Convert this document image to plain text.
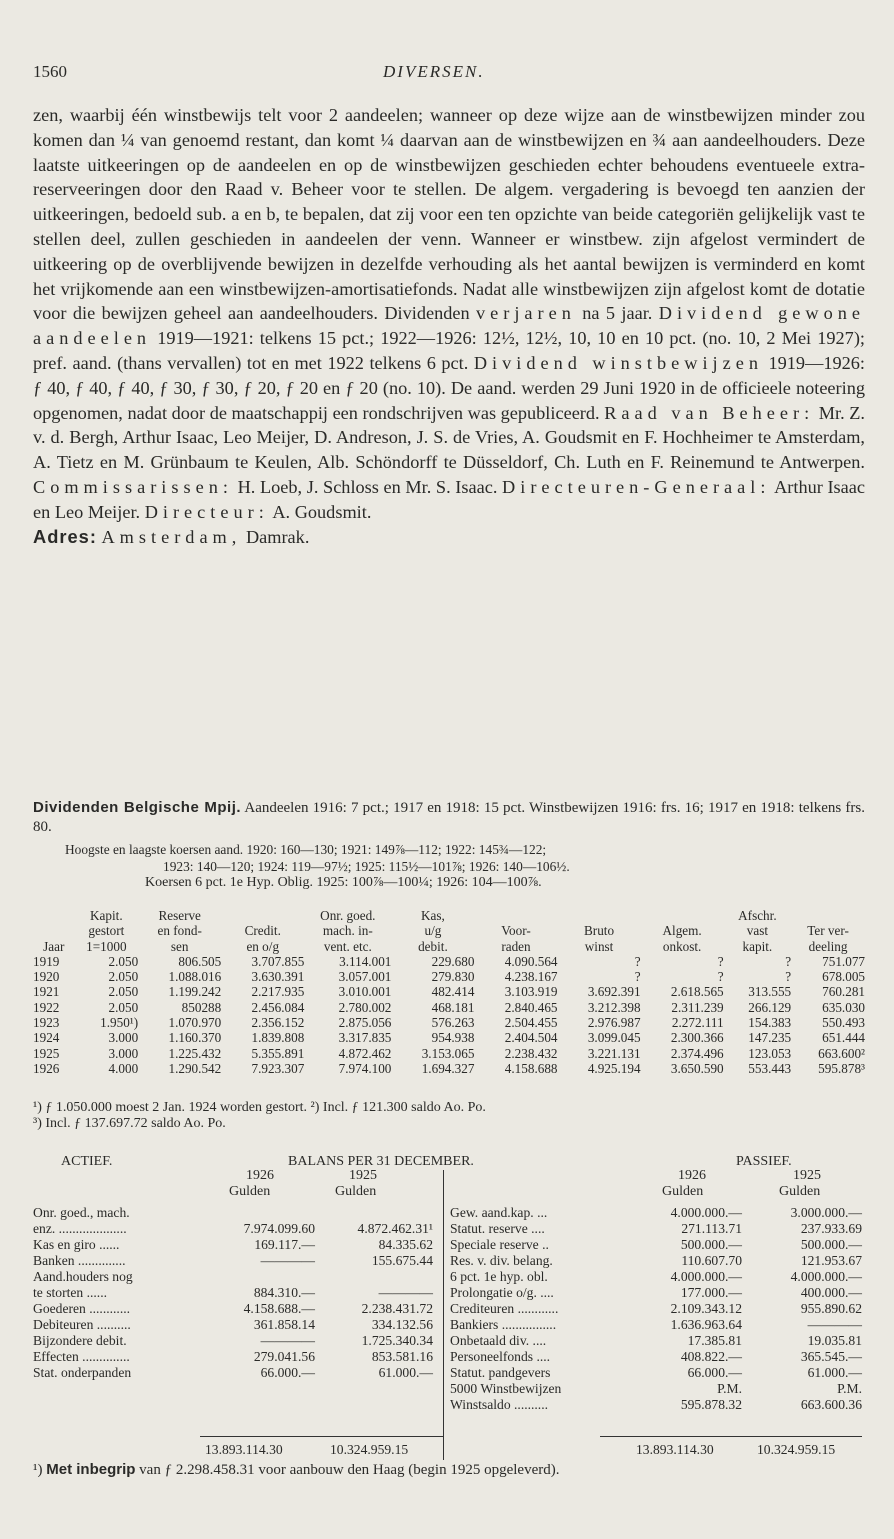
1560	DIVERSEN.
zen, waarbij één winstbewijs telt voor 2 aandeelen; wanneer op deze wijze aan de winstbewijzen minder zou komen dan ¼ van genoemd restant, dan komt ¼ daarvan aan de winstbewijzen en ¾ aan aandeelhouders. Deze laatste uitkeeringen op de aandeelen en op de winstbewijzen geschieden echter behoudens eventueele extra-reserveeringen door den Raad v. Beheer voor te stellen. De algem. vergadering is bevoegd ten aanzien der uitkeeringen, bedoeld sub. a en b, te bepalen, dat zij voor een ten opzichte van beide categoriën gelijkelijk vast te stellen deel, zullen geschieden in aandeelen der venn. Wanneer er winstbew. zijn afgelost vermindert de uitkeering op de overblijvende bewijzen in dezelfde verhouding als het aantal bewijzen is verminderd en komt het vrijkomende aan een winstbewijzen-amortisatiefonds. Nadat alle winstbewijzen zijn afgelost komt de dotatie voor die bewijzen geheel aan aandeelhouders. Dividenden verjaren na 5 jaar. Dividend gewone aandeelen 1919—1921: telkens 15 pct.; 1922—1926: 12½, 12½, 10, 10 en 10 pct. (no. 10, 2 Mei 1927); pref. aand. (thans vervallen) tot en met 1922 telkens 6 pct. Dividend winstbewijzen 1919—1926: ƒ 40, ƒ 40, ƒ 40, ƒ 30, ƒ 30, ƒ 20, ƒ 20 en ƒ 20 (no. 10). De aand. werden 29 Juni 1920 in de officieele noteering opgenomen, nadat door de maatschappij een rondschrijven was gepubliceerd. Raad van Beheer: Mr. Z. v. d. Bergh, Arthur Isaac, Leo Meijer, D. Andreson, J. S. de Vries, A. Goudsmit en F. Hochheimer te Amsterdam, A. Tietz en M. Grünbaum te Keulen, Alb. Schöndorff te Düsseldorf, Ch. Luth en F. Reinemund te Antwerpen. Commissarissen: H. Loeb, J. Schloss en Mr. S. Isaac. Directeuren-Generaal: Arthur Isaac en Leo Meijer. Directeur: A. Goudsmit.
Adres: Amsterdam, Damrak.
Dividenden Belgische Mpij. Aandeelen 1916: 7 pct.; 1917 en 1918: 15 pct. Winstbewijzen 1916: frs. 16; 1917 en 1918: telkens frs. 80.
Hoogste en laagste koersen aand. 1920: 160—130; 1921: 149⅞—112; 1922: 145¾—122;
1923: 140—120; 1924: 119—97½; 1925: 115½—101⅞; 1926: 140—106½.
Koersen 6 pct. 1e Hyp. Oblig. 1925: 100⅞—100¼; 1926: 104—100⅞.
	Kapit.	Reserve		Onr. goed.	Kas,				Afschr.	
	gestort	en fond-	Credit.	mach. in-	u/g	Voor-	Bruto	Algem.	vast	Ter ver-
Jaar	1=1000	sen	en o/g	vent. etc.	debit.	raden	winst	onkost.	kapit.	deeling
1919	2.050	806.505	3.707.855	3.114.001	229.680	4.090.564	?	?	?	751.077
1920	2.050	1.088.016	3.630.391	3.057.001	279.830	4.238.167	?	?	?	678.005
1921	2.050	1.199.242	2.217.935	3.010.001	482.414	3.103.919	3.692.391	2.618.565	313.555	760.281
1922	2.050	850288	2.456.084	2.780.002	468.181	2.840.465	3.212.398	2.311.239	266.129	635.030
1923	1.950¹)	1.070.970	2.356.152	2.875.056	576.263	2.504.455	2.976.987	2.272.111	154.383	550.493
1924	3.000	1.160.370	1.839.808	3.317.835	954.938	2.404.504	3.099.045	2.300.366	147.235	651.444
1925	3.000	1.225.432	5.355.891	4.872.462	3.153.065	2.238.432	3.221.131	2.374.496	123.053	663.600²
1926	4.000	1.290.542	7.923.307	7.974.100	1.694.327	4.158.688	4.925.194	3.650.590	553.443	595.878³
¹) ƒ 1.050.000 moest 2 Jan. 1924 worden gestort. ²) Incl. ƒ 121.300 saldo Ao. Po.
³) Incl. ƒ 137.697.72 saldo Ao. Po.
ACTIEF.	BALANS PER 31 DECEMBER.	PASSIEF.
1926	1925
Gulden	Gulden
1926	1925
Gulden	Gulden
Onr. goed., mach.		
enz. ....................	7.974.099.60	4.872.462.31¹
Kas en giro ......	169.117.—	84.335.62
Banken ..............	————	155.675.44
Aand.houders nog		
te storten ......	884.310.—	————
Goederen ............	4.158.688.—	2.238.431.72
Debiteuren ..........	361.858.14	334.132.56
Bijzondere debit.	————	1.725.340.34
Effecten ..............	279.041.56	853.581.16
Stat. onderpanden	66.000.—	61.000.—
Gew. aand.kap. ...	4.000.000.—	3.000.000.—
Statut. reserve ....	271.113.71	237.933.69
Speciale reserve ..	500.000.—	500.000.—
Res. v. div. belang.	110.607.70	121.953.67
6 pct. 1e hyp. obl.	4.000.000.—	4.000.000.—
Prolongatie o/g. ....	177.000.—	400.000.—
Crediteuren ............	2.109.343.12	955.890.62
Bankiers ................	1.636.963.64	————
Onbetaald div. ....	17.385.81	19.035.81
Personeelfonds ....	408.822.—	365.545.—
Statut. pandgevers	66.000.—	61.000.—
5000 Winstbewijzen	P.M.	P.M.
Winstsaldo ..........	595.878.32	663.600.36
13.893.114.30	10.324.959.15	13.893.114.30	10.324.959.15
¹) Met inbegrip van ƒ 2.298.458.31 voor aanbouw den Haag (begin 1925 opgeleverd).
